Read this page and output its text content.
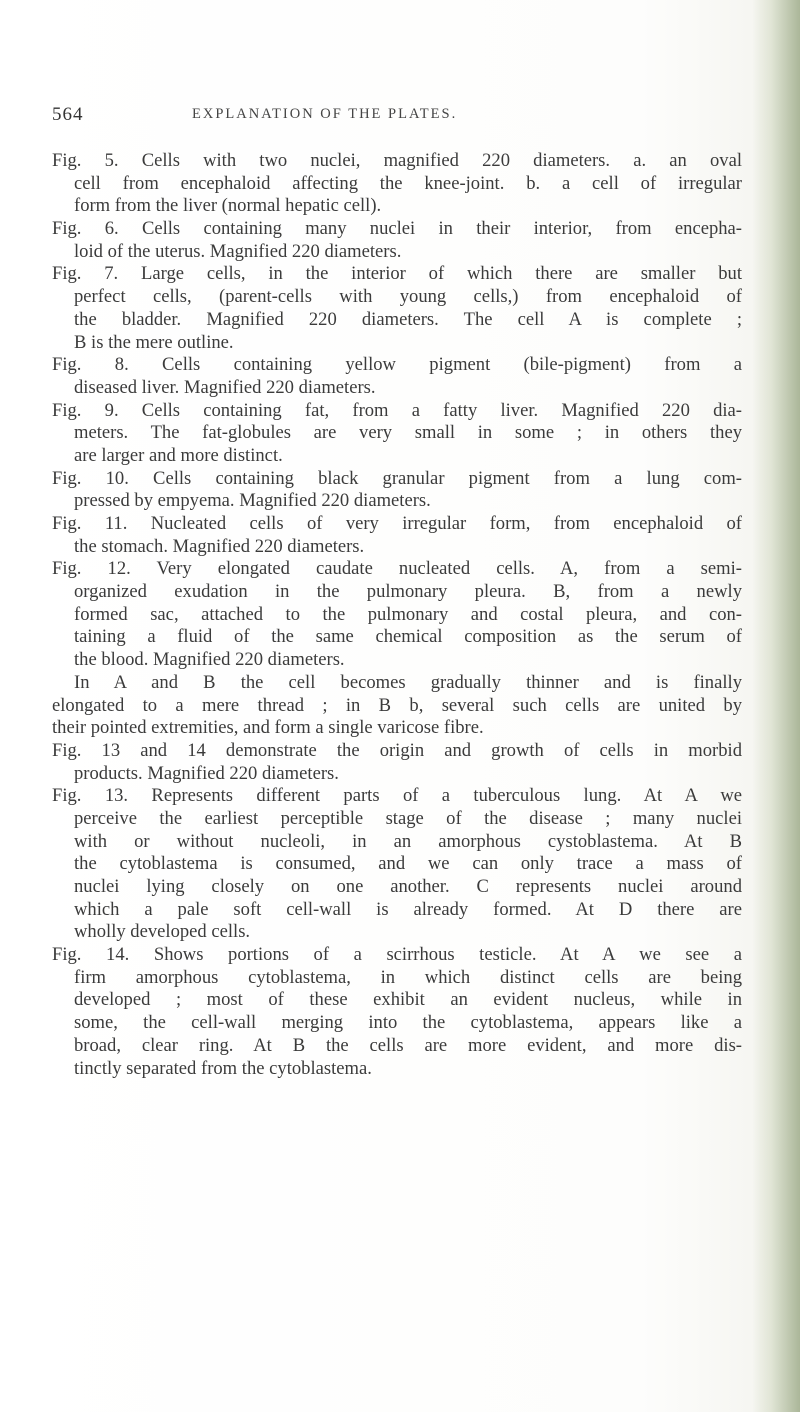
564	EXPLANATION OF THE PLATES.
Fig. 5. Cells with two nuclei, magnified 220 diameters. a. an oval
cell from encephaloid affecting the knee-joint. b. a cell of irregular
form from the liver (normal hepatic cell).
Fig. 6. Cells containing many nuclei in their interior, from encepha-
loid of the uterus. Magnified 220 diameters.
Fig. 7. Large cells, in the interior of which there are smaller but
perfect cells, (parent-cells with young cells,) from encephaloid of
the bladder. Magnified 220 diameters. The cell A is complete ;
B is the mere outline.
Fig. 8. Cells containing yellow pigment (bile-pigment) from a
diseased liver. Magnified 220 diameters.
Fig. 9. Cells containing fat, from a fatty liver. Magnified 220 dia-
meters. The fat-globules are very small in some ; in others they
are larger and more distinct.
Fig. 10. Cells containing black granular pigment from a lung com-
pressed by empyema. Magnified 220 diameters.
Fig. 11. Nucleated cells of very irregular form, from encephaloid of
the stomach. Magnified 220 diameters.
Fig. 12. Very elongated caudate nucleated cells. A, from a semi-
organized exudation in the pulmonary pleura. B, from a newly
formed sac, attached to the pulmonary and costal pleura, and con-
taining a fluid of the same chemical composition as the serum of
the blood. Magnified 220 diameters.
In A and B the cell becomes gradually thinner and is finally
elongated to a mere thread ; in B b, several such cells are united by
their pointed extremities, and form a single varicose fibre.
Fig. 13 and 14 demonstrate the origin and growth of cells in morbid
products. Magnified 220 diameters.
Fig. 13. Represents different parts of a tuberculous lung. At A we
perceive the earliest perceptible stage of the disease ; many nuclei
with or without nucleoli, in an amorphous cystoblastema. At B
the cytoblastema is consumed, and we can only trace a mass of
nuclei lying closely on one another. C represents nuclei around
which a pale soft cell-wall is already formed. At D there are
wholly developed cells.
Fig. 14. Shows portions of a scirrhous testicle. At A we see a
firm amorphous cytoblastema, in which distinct cells are being
developed ; most of these exhibit an evident nucleus, while in
some, the cell-wall merging into the cytoblastema, appears like a
broad, clear ring. At B the cells are more evident, and more dis-
tinctly separated from the cytoblastema.
